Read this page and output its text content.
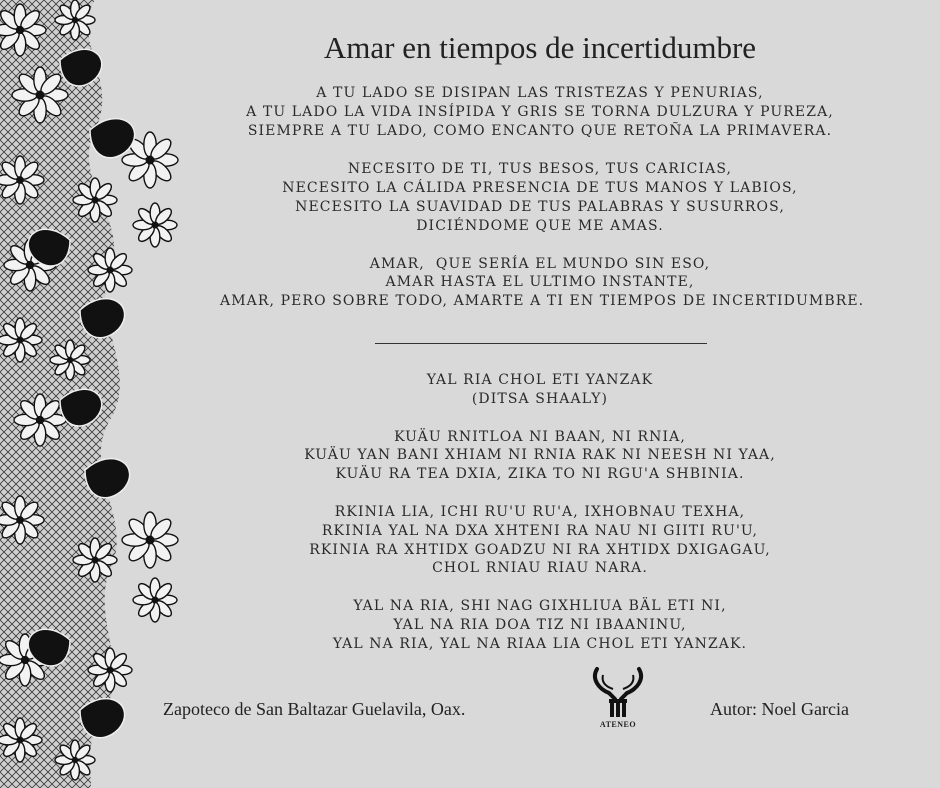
Amar en tiempos de incertidumbre
A TU LADO SE DISIPAN LAS TRISTEZAS Y PENURIAS,
A TU LADO LA VIDA INSÍPIDA Y GRIS SE TORNA DULZURA Y PUREZA,
SIEMPRE A TU LADO, COMO ENCANTO QUE RETOÑA LA PRIMAVERA.
NECESITO DE TI, TUS BESOS, TUS CARICIAS,
NECESITO LA CÁLIDA PRESENCIA DE TUS MANOS Y LABIOS,
NECESITO LA SUAVIDAD DE TUS PALABRAS Y SUSURROS,
DICIÉNDOME QUE ME AMAS.
AMAR,  QUE SERÍA EL MUNDO SIN ESO,
AMAR HASTA EL ULTIMO INSTANTE,
AMAR, PERO SOBRE TODO, AMARTE A TI EN TIEMPOS DE INCERTIDUMBRE.
YAL RIA CHOL ETI YANZAK
(DITSA SHAALY)
KUÄU RNITLOA NI BAAN, NI RNIA,
KUÄU YAN BANI XHIAM NI RNIA RAK NI NEESH NI YAA,
KUÄU RA TEA DXIA, ZIKA TO NI RGU'A SHBINIA.
RKINIA LIA, ICHI RU'U RU'A, IXHOBNAU TEXHA,
RKINIA YAL NA DXA XHTENI RA NAU NI GIITI RU'U,
RKINIA RA XHTIDX GOADZU NI RA XHTIDX DXIGAGAU,
CHOL RNIAU RIAU NARA.
YAL NA RIA, SHI NAG GIXHLIUA BÄL ETI NI,
YAL NA RIA DOA TIZ NI IBAANINU,
YAL NA RIA, YAL NA RIAA LIA CHOL ETI YANZAK.
Zapoteco de San Baltazar Guelavila, Oax.
ATENEO
Autor: Noel Garcia
